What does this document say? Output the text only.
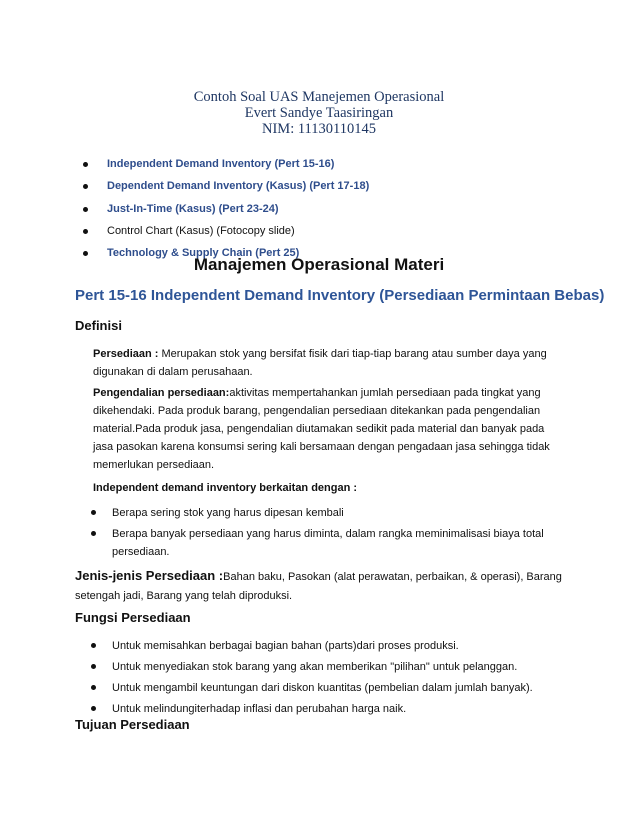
Contoh Soal UAS Manejemen Operasional
Evert Sandye Taasiringan
NIM: 11130110145
Independent Demand Inventory (Pert 15-16)
Dependent Demand Inventory (Kasus) (Pert 17-18)
Just-In-Time (Kasus) (Pert 23-24)
Control Chart (Kasus) (Fotocopy slide)
Technology & Supply Chain (Pert 25)
Manajemen Operasional Materi
Pert 15-16 Independent Demand Inventory (Persediaan Permintaan Bebas)
Definisi

Persediaan : Merupakan stok yang bersifat fisik dari tiap-tiap barang atau sumber daya yang digunakan di dalam perusahaan.

Pengendalian persediaan:aktivitas mempertahankan jumlah persediaan pada tingkat yang dikehendaki. Pada produk barang, pengendalian persediaan ditekankan pada pengendalian material.Pada produk jasa, pengendalian diutamakan sedikit pada material dan banyak pada jasa pasokan karena konsumsi sering kali bersamaan dengan pengadaan jasa sehingga tidak memerlukan persediaan.

Independent demand inventory berkaitan dengan :

Berapa sering stok yang harus dipesan kembali
Berapa banyak persediaan yang harus diminta, dalam rangka meminimalisasi biaya total persediaan.

Jenis-jenis Persediaan :Bahan baku, Pasokan (alat perawatan, perbaikan, & operasi), Barang setengah jadi, Barang yang telah diproduksi.

Fungsi Persediaan
Untuk memisahkan berbagai bagian bahan (parts)dari proses produksi.
Untuk menyediakan stok barang yang akan memberikan "pilihan" untuk pelanggan.
Untuk mengambil keuntungan dari diskon kuantitas (pembelian dalam jumlah banyak).
Untuk melindungiterhadap inflasi dan perubahan harga naik.
Tujuan Persediaan
